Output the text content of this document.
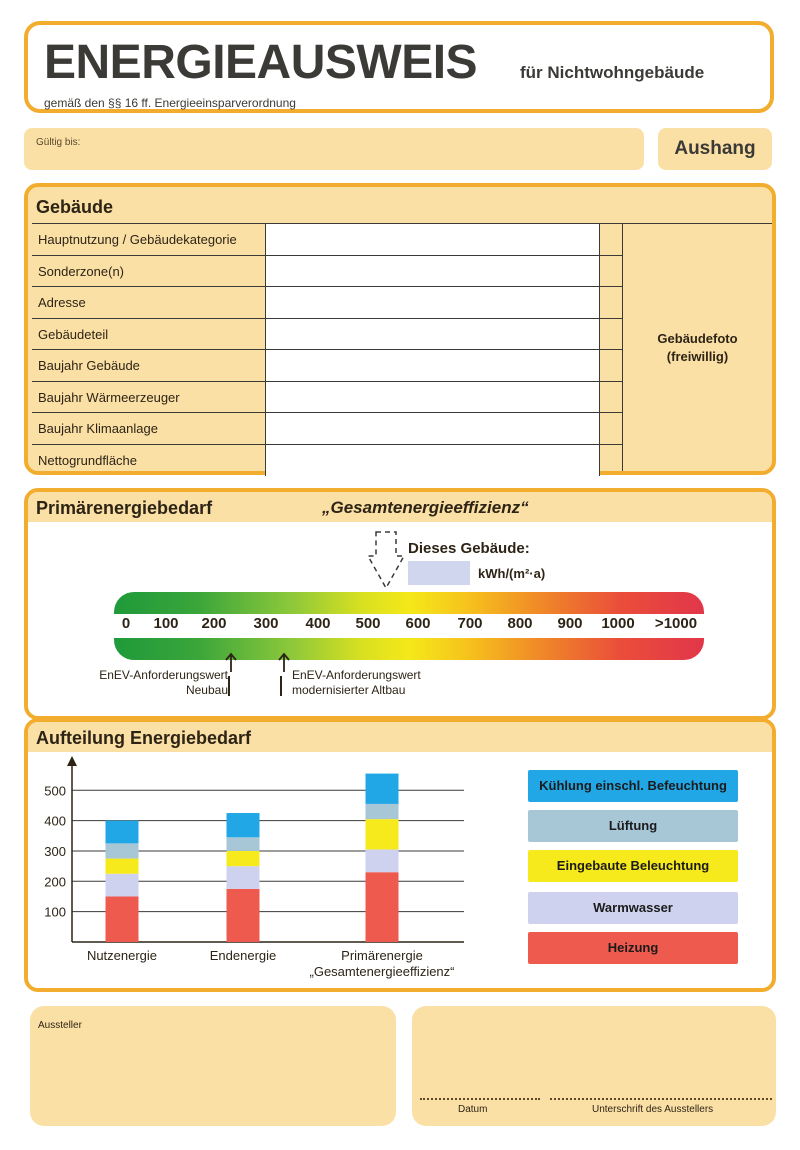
ENERGIEAUSWEIS	für Nichtwohngebäude
gemäß den §§ 16 ff. Energieeinsparverordnung
Gültig bis:	Aushang
Gebäude
Hauptnutzung / Gebäudekategorie
Sonderzone(n)
Adresse
Gebäudeteil
Baujahr Gebäude
Baujahr Wärmeerzeuger
Baujahr Klimaanlage
Nettogrundfläche
Gebäudefoto
(freiwillig)
Primärenergiebedarf	„Gesamtenergieeffizienz“
Dieses Gebäude:
kWh/(m²·a)
0 100 200 300 400 500 600 700 800 900 1000 >1000
EnEV-Anforderungswert
Neubau
EnEV-Anforderungswert
modernisierter Altbau
Aufteilung Energiebedarf
100
200
300
400
500
Nutzenergie	Endenergie	Primärenergie
„Gesamtenergieeffizienz“
Kühlung einschl. Befeuchtung
Lüftung
Eingebaute Beleuchtung
Warmwasser
Heizung
Aussteller
Datum	Unterschrift des Ausstellers
